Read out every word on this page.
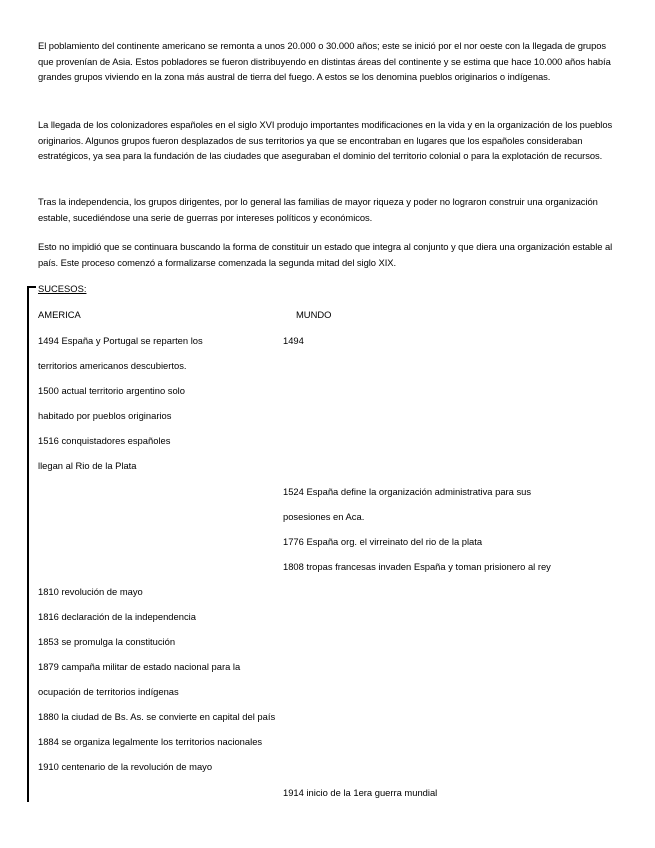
El poblamiento del continente americano se remonta a unos 20.000 o 30.000 años; este se inició por el nor oeste con la llegada de grupos que provenían de Asia. Estos pobladores se fueron distribuyendo en distintas áreas del continente y se estima que hace 10.000 años había grandes grupos viviendo en la zona más austral de tierra del fuego. A estos se los denomina pueblos originarios o indígenas.

La llegada de los colonizadores españoles en el siglo XVI produjo importantes modificaciones en la vida y en la organización de los pueblos originarios. Algunos grupos fueron desplazados de sus territorios ya que se encontraban en lugares que los españoles consideraban estratégicos, ya sea para la fundación de las ciudades que aseguraban el dominio del territorio colonial o para la explotación de recursos.

Tras la independencia, los grupos dirigentes, por lo general las familias de mayor riqueza y poder no lograron construir una organización estable, sucediéndose una serie de guerras por intereses políticos y económicos.

Esto no impidió que se continuara buscando la forma de constituir un estado que integra al conjunto y que diera una organización estable al país. Este proceso comenzó a formalizarse comenzada la segunda mitad del siglo XIX.

SUCESOS:
AMERICA	MUNDO
1494 España y Portugal se reparten los
territorios americanos descubiertos.
1500 actual territorio argentino solo
habitado por pueblos originarios
1516 conquistadores españoles
llegan al Rio de la Plata
1810 revolución de mayo
1816 declaración de la independencia
1853 se promulga la constitución
1879 campaña militar de estado nacional para la
ocupación de territorios indígenas
1880 la ciudad de Bs. As. se convierte en capital del país
1884 se organiza legalmente los territorios nacionales
1910 centenario de la revolución de mayo
1494
1524 España define la organización administrativa para sus
posesiones en Aca.
1776 España org. el virreinato del rio de la plata
1808 tropas francesas invaden España y toman prisionero al rey
1914 inicio de la 1era guerra mundial
